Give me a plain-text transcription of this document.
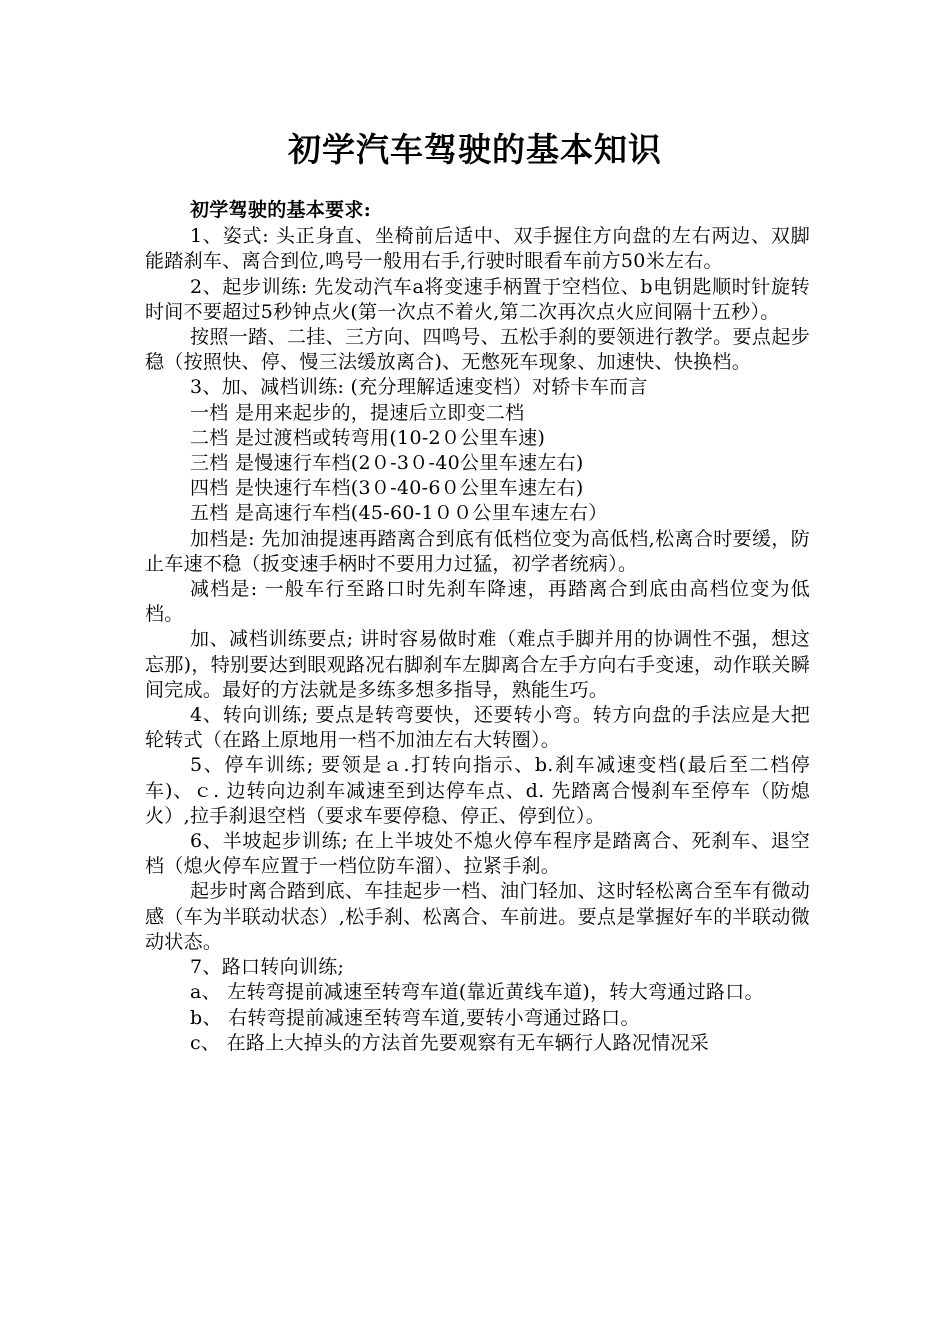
初学汽车驾驶的基本知识

初学驾驶的基本要求:

1、姿式: 头正身直、坐椅前后适中、双手握住方向盘的左右两边、双脚能踏刹车、离合到位,鸣号一般用右手,行驶时眼看车前方50米左右。

2、起步训练: 先发动汽车a将变速手柄置于空档位、b电钥匙顺时针旋转时间不要超过5秒钟点火(第一次点不着火,第二次再次点火应间隔十五秒）。

按照一踏、二挂、三方向、四鸣号、五松手刹的要领进行教学。要点起步稳（按照快、停、慢三法缓放离合)、无憋死车现象、加速快、快换档。

3、加、减档训练: (充分理解适速变档）对轿卡车而言

一档 是用来起步的，提速后立即变二档

二档 是过渡档或转弯用(10-2０公里车速)

三档 是慢速行车档(2０-3０-40公里车速左右)

四档 是快速行车档(3０-40-6０公里车速左右)

五档 是高速行车档(45-60-1００公里车速左右）

加档是: 先加油提速再踏离合到底有低档位变为高低档,松离合时要缓，防止车速不稳（扳变速手柄时不要用力过猛，初学者统病）。

减档是: 一般车行至路口时先刹车降速，再踏离合到底由高档位变为低档。

加、减档训练要点; 讲时容易做时难（难点手脚并用的协调性不强，想这忘那)，特别要达到眼观路况右脚刹车左脚离合左手方向右手变速，动作联关瞬间完成。最好的方法就是多练多想多指导，熟能生巧。

4、转向训练; 要点是转弯要快，还要转小弯。转方向盘的手法应是大把轮转式（在路上原地用一档不加油左右大转圈）。

5、停车训练; 要领是ａ.打转向指示、b.刹车减速变档(最后至二档停车)、ｃ. 边转向边刹车减速至到达停车点、d. 先踏离合慢刹车至停车（防熄火）,拉手刹退空档（要求车要停稳、停正、停到位）。

6、半坡起步训练; 在上半坡处不熄火停车程序是踏离合、死刹车、退空档（熄火停车应置于一档位防车溜）、拉紧手刹。

起步时离合踏到底、车挂起步一档、油门轻加、这时轻松离合至车有微动感（车为半联动状态）,松手刹、松离合、车前进。要点是掌握好车的半联动微动状态。

7、路口转向训练;

a、 左转弯提前减速至转弯车道(靠近黄线车道)，转大弯通过路口。

b、 右转弯提前减速至转弯车道,要转小弯通过路口。

c、 在路上大掉头的方法首先要观察有无车辆行人路况情况采
